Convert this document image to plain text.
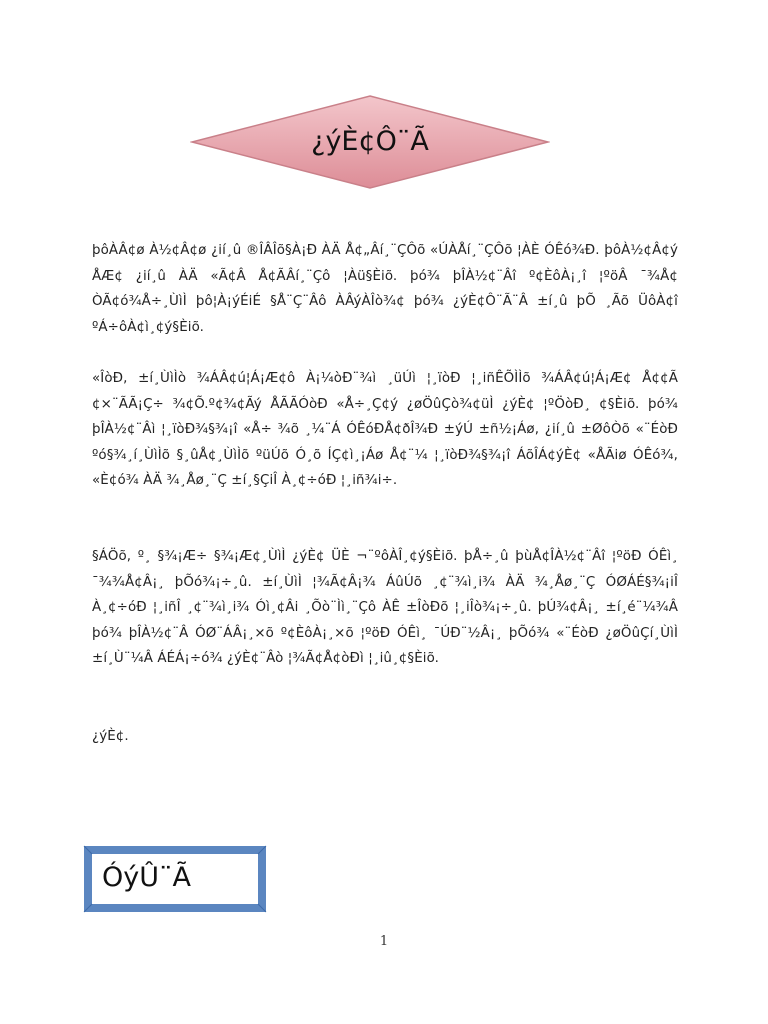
¿ýÈ¢Ô¨Ã
þôÀÂ¢ø À½¢Â¢ø ¿ií¸û ®ÎÂÎõ§À¡Ð ÀÄ Å¢„Âí¸¨ÇÔõ «ÚÀÅí¸¨ÇÔõ ¦ÀÈ ÓÊó¾Ð. þôÀ½¢Â¢ý ÅÆ¢ ¿ií¸û ÀÄ «Ã¢Â Å¢ÃÂí¸¨Çô ¦Àü§Èiõ. þó¾ þÎÀ½¢¨Âî º¢ÈôÀ¡¸î ¦ºöÂ ¯¾Å¢ ÒÃ¢ó¾Å÷¸ÙìÌ þô¦À¡ýÉiÉ §Å¨Ç¨Âô ÀÂýÀÎò¾¢ þó¾ ¿ýÈ¢Ô¨Ã¨Â ±í¸û þÕ ¸Ãõ ÜôÀ¢î ºÁ÷ôÀ¢ì¸¢ý§Èiõ.
«ÎòÐ, ±í¸ÙìÌò ¾ÁÂ¢ú¦Á¡Æ¢ô À¡¼òÐ¨¾ì ¸üÚì ¦¸ïòÐ ¦¸iñÊÕÌÌõ ¾ÁÂ¢ú¦Á¡Æ¢ Å¢¢Ã ¢×¨ÃÃ¡Ç÷ ¾¢Õ.º¢¾¢Ãý ÅÃÃÓòÐ «Å÷¸Ç¢ý ¿øÖûÇò¾¢üÌ ¿ýÈ¢ ¦ºÖòÐ¸ ¢§Èiõ. þó¾ þÎÀ½¢¨Âì ¦¸ïòÐ¾§¾¡î «Å÷ ¾õ ¸¼¨Á ÓÊóÐÅ¢ðÎ¾Ð ±ýÚ ±ñ½¡Áø, ¿ií¸û ±ØôÒõ «¨ÉòÐ ºó§¾¸í¸ÙìÌõ §¸ûÅ¢¸ÙìÌõ ºüÚõ Ó¸õ ÍÇ¢ì¸¡Áø Å¢¨¼ ¦¸ïòÐ¾§¾¡î ÁõÎÁ¢ýÈ¢ «ÅÃiø ÓÊó¾, «È¢ó¾ ÀÄ ¾¸Åø¸¨Ç ±í¸§ÇiÎ À¸¢÷óÐ ¦¸iñ¾i÷.
§ÁÖõ, º¸ §¾¡Æ÷ §¾¡Æ¢¸ÙìÌ ¿ýÈ¢ ÜÈ ¬¨ºôÀÎ¸¢ý§Èiõ. þÅ÷¸û þùÅ¢ÎÀ½¢¨Âî ¦ºöÐ ÓÊì¸ ¯¾¾Å¢Â¡¸ þÕó¾¡÷¸û. ±í¸ÙìÌ ¦¾Ã¢Â¡¾ ÁûÚõ ¸¢¨¾ì¸i¾ ÀÄ ¾¸Åø¸¨Ç ÓØÁÉ§¾¡iÎ À¸¢÷óÐ ¦¸iñÎ ¸¢¨¾ì¸i¾ Óì¸¢Âi ¸Õò¨Ìì¸¨Çô ÀÊ ±ÎòÐõ ¦¸iÎò¾¡÷¸û. þÚ¾¢Â¡¸ ±í¸é¨¼¾Â þó¾ þÎÀ½¢¨Â ÓØ¨ÁÂ¡¸×õ º¢ÈôÀ¡¸×õ ¦ºöÐ ÓÊì¸ ¯ÚÐ¨½Â¡¸ þÕó¾ «¨ÉòÐ ¿øÖûÇí¸ÙìÌ ±í¸Ù¨¼Â ÁÉÁ¡÷ó¾ ¿ýÈ¢¨Âò ¦¾Ã¢Å¢òÐì ¦¸iû¸¢§Èiõ.
¿ýÈ¢.
ÓýÛ¨Ã
1
